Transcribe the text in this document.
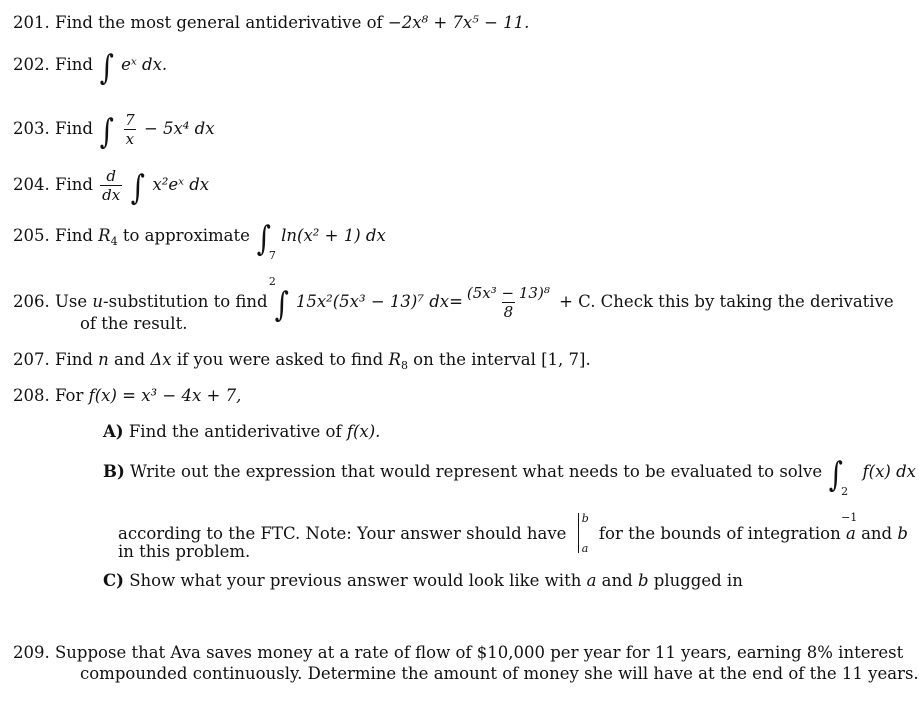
201. Find the most general antiderivative of −2x⁸ + 7x⁵ − 11.
202. Find ∫ eˣ dx.
203. Find ∫ $\frac{7}{x} - 5x^4$ dx
204. Find $\frac{d}{dx}$ ∫ x²eˣ dx
205. Find $R_4$ to approximate ∫
7
2
ln(x² + 1) dx
206. Use u-substitution to find ∫ 15x²(5x³ − 13)⁷ $dx= \frac{\text{(5x³ − 13)⁸}}{8} + C$. Check this by taking the derivative
of the result.
207. Find n and Δx if you were asked to find $R_8$ on the interval [1, 7].
208. For f(x) = x³ − 4x + 7,
A) Find the antiderivative of f(x).
B) Write out the expression that would represent what needs to be evaluated to solve ∫
2
−1
f(x) dx
according to the FTC. Note: Your answer should have
b
a
for the bounds of integration a and b
in this problem.
C) Show what your previous answer would look like with a and b plugged in
209. Suppose that Ava saves money at a rate of flow of $10,000 per year for 11 years, earning 8% interest
compounded continuously. Determine the amount of money she will have at the end of the 11 years.
